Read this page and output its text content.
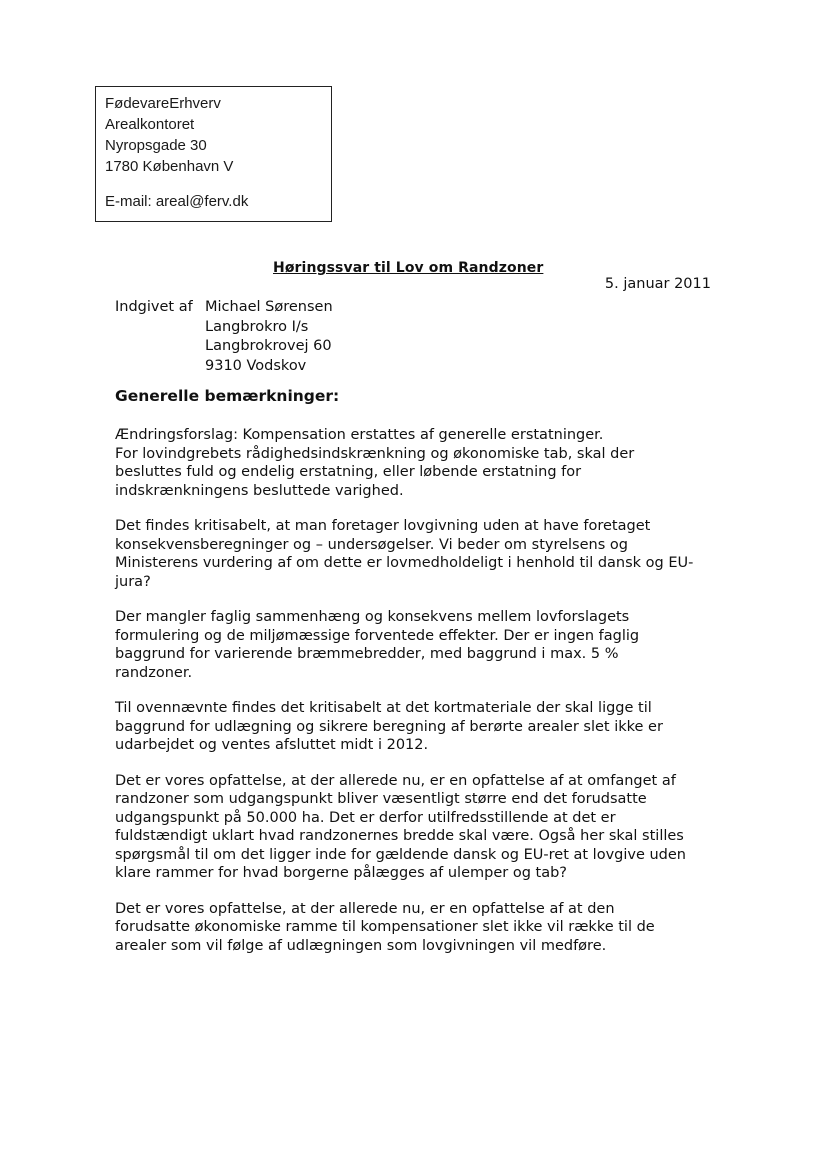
FødevareErhverv
Arealkontoret
Nyropsgade 30
1780 København V
E-mail: areal@ferv.dk
Høringssvar til Lov om Randzoner
5. januar 2011
Indgivet af Michael Sørensen
Langbrokro I/s
Langbrokrovej 60
9310 Vodskov
Generelle bemærkninger:

Ændringsforslag: Kompensation erstattes af generelle erstatninger.
For lovindgrebets rådighedsindskrænkning og økonomiske tab, skal der
besluttes fuld og endelig erstatning, eller løbende erstatning for
indskrænkningens besluttede varighed.

Det findes kritisabelt, at man foretager lovgivning uden at have foretaget
konsekvensberegninger og – undersøgelser. Vi beder om styrelsens og
Ministerens vurdering af om dette er lovmedholdeligt i henhold til dansk og EU-
jura?

Der mangler faglig sammenhæng og konsekvens mellem lovforslagets
formulering og de miljømæssige forventede effekter. Der er ingen faglig
baggrund for varierende bræmmebredder, med baggrund i max. 5 %
randzoner.

Til ovennævnte findes det kritisabelt at det kortmateriale der skal ligge til
baggrund for udlægning og sikrere beregning af berørte arealer slet ikke er
udarbejdet og ventes afsluttet midt i 2012.

Det er vores opfattelse, at der allerede nu, er en opfattelse af at omfanget af
randzoner som udgangspunkt bliver væsentligt større end det forudsatte
udgangspunkt på 50.000 ha. Det er derfor utilfredsstillende at det er
fuldstændigt uklart hvad randzonernes bredde skal være. Også her skal stilles
spørgsmål til om det ligger inde for gældende dansk og EU-ret at lovgive uden
klare rammer for hvad borgerne pålægges af ulemper og tab?

Det er vores opfattelse, at der allerede nu, er en opfattelse af at den
forudsatte økonomiske ramme til kompensationer slet ikke vil række til de
arealer som vil følge af udlægningen som lovgivningen vil medføre.
